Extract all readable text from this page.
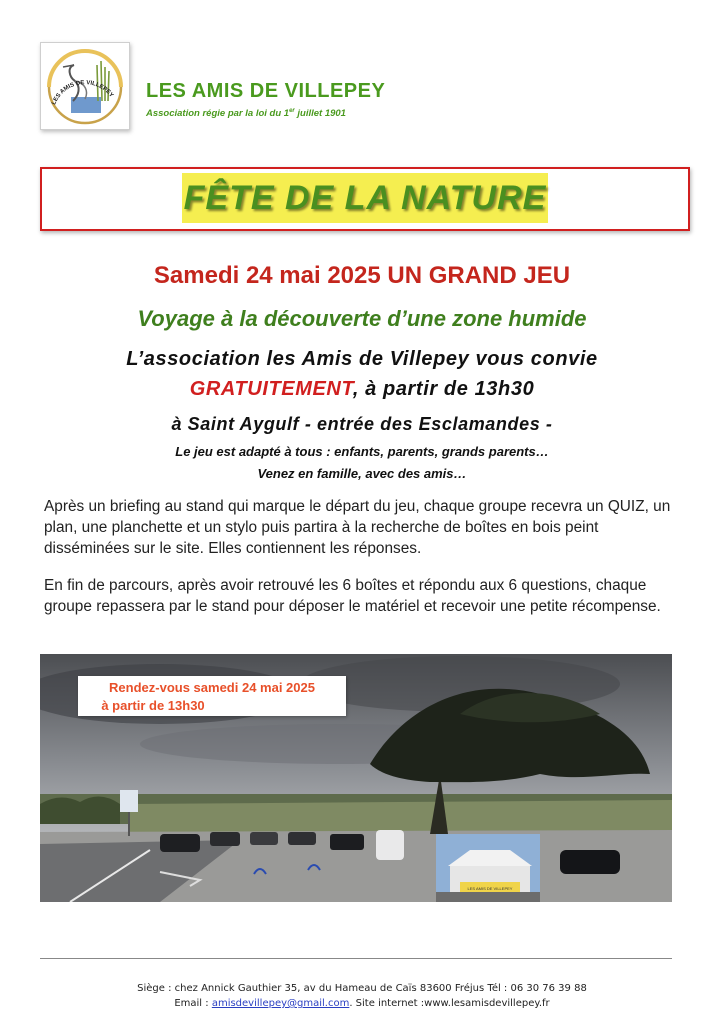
LES AMIS DE VILLEPEY LES AMIS DE VILLEPEY
Association régie par la loi du 1er juillet 1901
FÊTE DE LA NATURE
Samedi 24 mai 2025 UN GRAND JEU
Voyage à la découverte d’une zone humide
L’association les Amis de Villepey vous convie
GRATUITEMENT, à partir de 13h30
à Saint Aygulf - entrée des Esclamandes -
Le jeu est adapté à tous : enfants, parents, grands parents…
Venez en famille, avec des amis…
Après un briefing au stand qui marque le départ du jeu, chaque groupe recevra un QUIZ, un plan, une planchette et un stylo puis partira à la recherche de boîtes en bois peint disséminées sur le site. Elles contiennent les réponses.
En fin de parcours, après avoir retrouvé les 6 boîtes et répondu aux 6 questions, chaque groupe repassera par le stand pour déposer le matériel et recevoir une petite récompense.
LES AMIS DE VILLEPEY
Rendez-vous samedi 24 mai 2025
à partir de 13h30
Siège : chez Annick Gauthier 35, av du Hameau de Caïs 83600 Fréjus Tél : 06 30 76 39 88
Email : amisdevillepey@gmail.com. Site internet :www.lesamisdevillepey.fr
